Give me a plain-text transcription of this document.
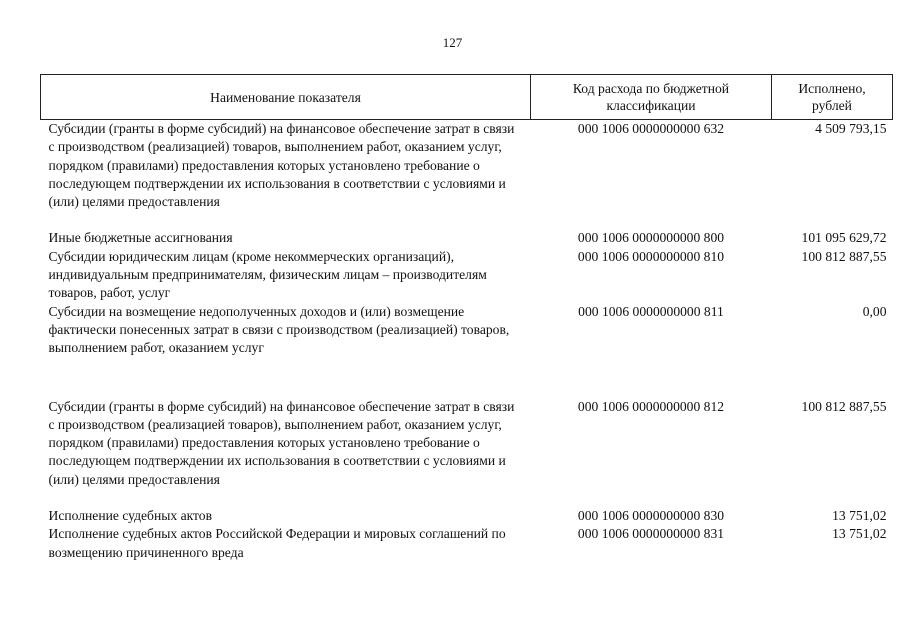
127
Наименование показателя	Код расхода по бюджетной классификации	Исполнено, рублей
Субсидии (гранты в форме субсидий) на финансовое обеспечение затрат в связи с производством (реализацией) товаров, выполнением работ, оказанием услуг, порядком (правилами) предоставления которых установлено требование о последующем подтверждении их использования в соответствии с условиями и (или) целями предоставления	000 1006 0000000000 632	4 509 793,15
Иные бюджетные ассигнования	000 1006 0000000000 800	101 095 629,72
Субсидии юридическим лицам (кроме некоммерческих организаций), индивидуальным предпринимателям, физическим лицам – производителям товаров, работ, услуг	000 1006 0000000000 810	100 812 887,55
Субсидии на возмещение недополученных доходов и (или) возмещение фактически понесенных затрат в связи с производством (реализацией) товаров, выполнением работ, оказанием услуг	000 1006 0000000000 811	0,00
Субсидии (гранты в форме субсидий) на финансовое обеспечение затрат в связи с производством (реализацией товаров), выполнением работ, оказанием услуг, порядком (правилами) предоставления которых установлено требование о последующем подтверждении их использования в соответствии с условиями и (или) целями предоставления	000 1006 0000000000 812	100 812 887,55
Исполнение судебных актов	000 1006 0000000000 830	13 751,02
Исполнение судебных актов Российской Федерации и мировых соглашений по возмещению причиненного вреда	000 1006 0000000000 831	13 751,02
